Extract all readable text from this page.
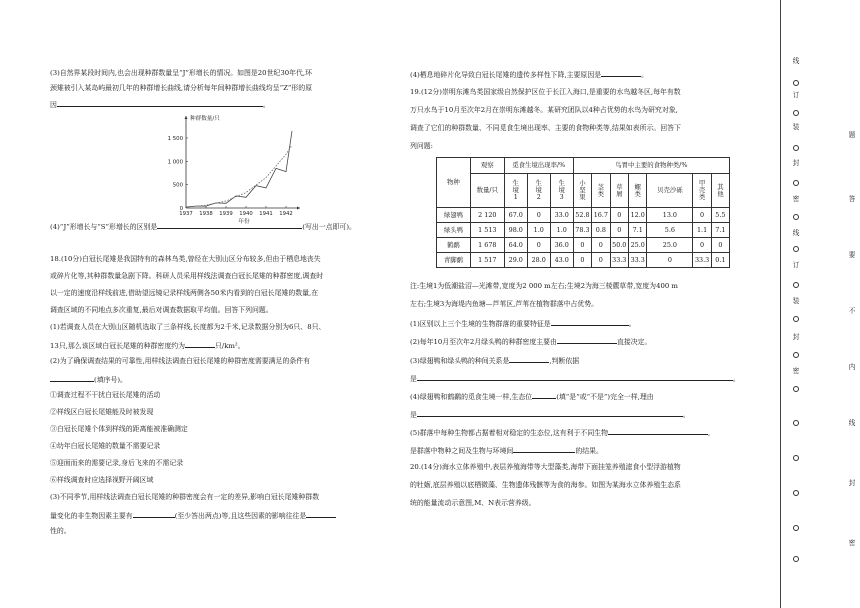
(3)自然界某段时间内,也会出现种群数量呈“J”形增长的情况。如图是20世纪30年代,环

颈雉被引入某岛屿最初几年的种群增长曲线,请分析每年间种群增长曲线均呈“Z”形的原

因	。

种群数量/只
1 500
1 000
500
0
1937 1938 1939 1940 1941 1942
年份

(4)“J”形增长与“S”形增长的区别是	(写出一点即可)。

18.(10分)白冠长尾雉是我国特有的森林鸟类,曾经在大别山区分布较多,但由于栖息地丧失

或碎片化等,其种群数量急剧下降。科研人员采用样线法调查白冠长尾雉的种群密度,调查时

以一定的速度沿样线前进,借助望远镜记录样线两侧各50米内看到的白冠长尾雉的数量,在

调查区域的不同地点多次重复,最后对调查数据取平均值。回答下列问题。

(1)若调查人员在大别山区随机选取了三条样线,长度都为2千米,记录数据分别为6只、8只、

13只,那么该区域白冠长尾雉的种群密度约为	只/km²。

(2)为了确保调查结果的可靠性,用样线法调查白冠长尾雉的种群密度需要满足的条件有

(填序号)。

①调查过程不干扰白冠长尾雉的活动

②样线区白冠长尾雉能及时被发现

③白冠长尾雉个体到样线的距离能被准确测定

④幼年白冠长尾雉的数量不需要记录

⑤迎面而来的需要记录,身后飞来的不需记录

⑥样线调查时应选择视野开阔区域

(3)不同季节,用样线法调查白冠长尾雉的种群密度会有一定的差异,影响白冠长尾雉种群数

量变化的非生物因素主要有	(至少答出两点)等,且这些因素的影响往往是

性的。

(4)栖息地碎片化导致白冠长尾雉的遗传多样性下降,主要原因是	。

19.(12分)崇明东滩鸟类国家级自然保护区位于长江入海口,是重要的水鸟越冬区,每年有数

万只水鸟于10月至次年2月在崇明东滩越冬。某研究团队以4种占优势的水鸟为研究对象,

调查了它们的种群数量、不同觅食生境出现率、主要的食物种类等,结果如表所示。回答下

列问题:

物种	观察	觅食生境出现率/%			鸟胃中主要的食物种类/%						
	数量/只	生
境
1	生
境
2	生
境
3	小
坚
果	茎
类	草
屑	螺
类	贝壳沙砾	甲
壳
类	其
他

绿翅鸭	2 120	67.0	0	33.0	52.8	16.7	0	12.0	13.0	0	5.5
绿头鸭	1 513	98.0	1.0	1.0	78.3	0.8	0	7.1	5.6	1.1	7.1
鹤鹬	1 678	64.0	0	36.0	0	0	50.0	25.0	25.0	0	0
青脚鹬	1 517	29.0	28.0	43.0	0	0	33.3	33.3	0	33.3	0.1

注:生境1为低潮盐沼—光滩带,宽度为2 000 m左右;生境2为海三棱藨草带,宽度为400 m

左右;生境3为海堤内鱼塘—芦苇区,芦苇在植物群落中占优势。

(1)区别以上三个生境的生物群落的重要特征是	。

(2)每年10月至次年2月绿头鸭的种群密度主要由	直接决定。

(3)绿翅鸭和绿头鸭的种间关系是	,判断依据

是	。

(4)绿翅鸭和鹤鹬的觅食生境一样,生态位	(填“是”或“不是”)完全一样,理由

是	。

(5)群落中每种生物都占据着相对稳定的生态位,这有利于不同生物	,

是群落中物种之间及生物与环境间	的结果。

20.(14分)海水立体养殖中,表层养殖海带等大型藻类,海带下面挂笼养殖滤食小型浮游植物

的牡蛎,底层养殖以底栖微藻、生物遗体残骸等为食的海参。如图为某海水立体养殖生态系

统的能量流动示意图,M、N表示营养级。

线
订
装
封
密
线
订
装
封
密
题
答
要
不
内
线
封
密
